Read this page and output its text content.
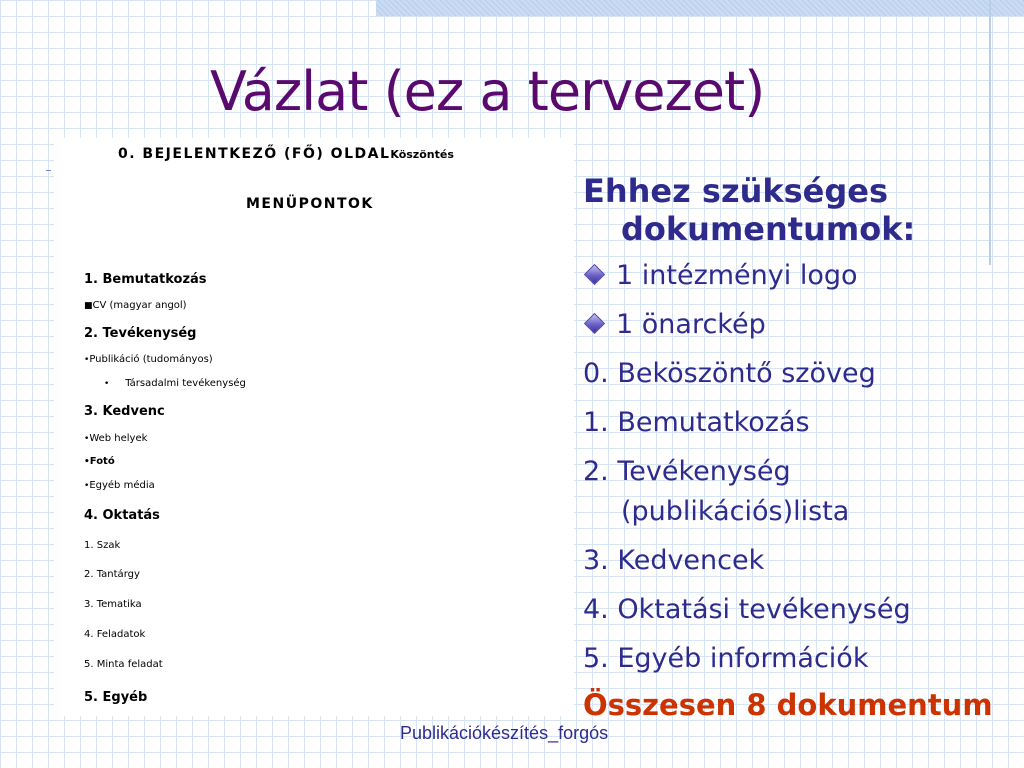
Vázlat (ez a tervezet)
0. BEJELENTKEZŐ (FŐ) OLDALKöszöntés
MENÜPONTOK
1. Bemutatkozás
■CV (magyar angol)
2. Tevékenység
•Publikáció (tudományos)
• Társadalmi tevékenység
3. Kedvenc
•Web helyek
•Fotó
•Egyéb média
4. Oktatás
1. Szak
2. Tantárgy
3. Tematika
4. Feladatok
5. Minta feladat
5. Egyéb
Ehhez szükséges
dokumentumok:
1 intézményi logo
1 önarckép
0. Beköszöntő szöveg
1. Bemutatkozás
2. Tevékenység
(publikációs)lista
3. Kedvencek
4. Oktatási tevékenység
5. Egyéb információk
Összesen 8 dokumentum
Publikációkészítés_forgós
